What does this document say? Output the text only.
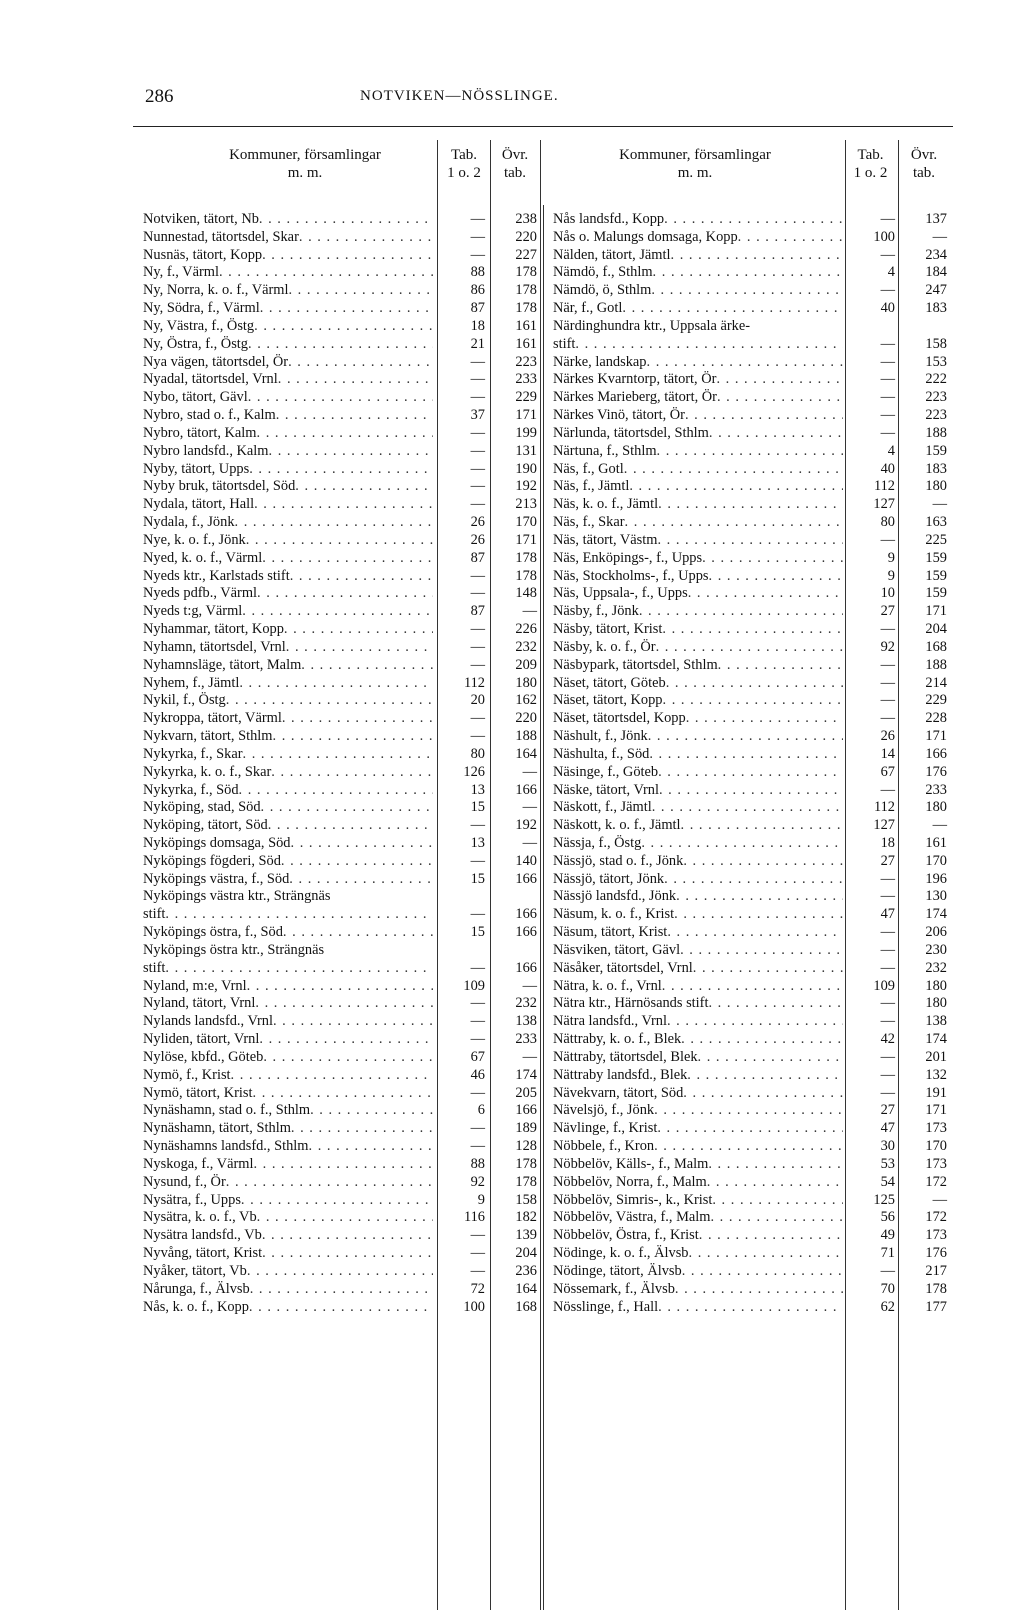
286	NOTVIKEN—NÖSSLINGE.
Kommuner, församlingar
m. m.
Tab.
1 o. 2
Övr.
tab.
Kommuner, församlingar
m. m.
Tab.
1 o. 2
Övr.
tab.
Notviken, tätort, Nb . . .	—	238
Nunnestad, tätortsdel, Skar . . .	—	220
Nusnäs, tätort, Kopp . . .	—	227
Ny, f., Värml . . .	88	178
Ny, Norra, k. o. f., Värml . . .	86	178
Ny, Södra, f., Värml . . .	87	178
Ny, Västra, f., Östg . . .	18	161
Ny, Östra, f., Östg . . .	21	161
Nya vägen, tätortsdel, Ör . . .	—	223
Nyadal, tätortsdel, Vrnl . . .	—	233
Nybo, tätort, Gävl . . .	—	229
Nybro, stad o. f., Kalm . . .	37	171
Nybro, tätort, Kalm . . .	—	199
Nybro landsfd., Kalm . . .	—	131
Nyby, tätort, Upps . . .	—	190
Nyby bruk, tätortsdel, Söd . . .	—	192
Nydala, tätort, Hall . . .	—	213
Nydala, f., Jönk . . .	26	170
Nye, k. o. f., Jönk . . .	26	171
Nyed, k. o. f., Värml . . .	87	178
Nyeds ktr., Karlstads stift . . .	—	178
Nyeds pdfb., Värml . . .	—	148
Nyeds t:g, Värml . . .	87	—
Nyhammar, tätort, Kopp . . .	—	226
Nyhamn, tätortsdel, Vrnl . . .	—	232
Nyhamnsläge, tätort, Malm . . .	—	209
Nyhem, f., Jämtl . . .	112	180
Nykil, f., Östg . . .	20	162
Nykroppa, tätort, Värml . . .	—	220
Nykvarn, tätort, Sthlm . . .	—	188
Nykyrka, f., Skar . . .	80	164
Nykyrka, k. o. f., Skar . . .	126	—
Nykyrka, f., Söd . . .	13	166
Nyköping, stad, Söd . . .	15	—
Nyköping, tätort, Söd . . .	—	192
Nyköpings domsaga, Söd . . .	13	—
Nyköpings fögderi, Söd . . .	—	140
Nyköpings västra, f., Söd . . .	15	166
Nyköpings västra ktr., Strängnäs
stift . . .	—	166
Nyköpings östra, f., Söd . . .	15	166
Nyköpings östra ktr., Strängnäs
stift . . .	—	166
Nyland, m:e, Vrnl . . .	109	—
Nyland, tätort, Vrnl . . .	—	232
Nylands landsfd., Vrnl . . .	—	138
Nyliden, tätort, Vrnl . . .	—	233
Nylöse, kbfd., Göteb . . .	67	—
Nymö, f., Krist . . .	46	174
Nymö, tätort, Krist . . .	—	205
Nynäshamn, stad o. f., Sthlm . . .	6	166
Nynäshamn, tätort, Sthlm . . .	—	189
Nynäshamns landsfd., Sthlm . . .	—	128
Nyskoga, f., Värml . . .	88	178
Nysund, f., Ör . . .	92	178
Nysätra, f., Upps . . .	9	158
Nysätra, k. o. f., Vb . . .	116	182
Nysätra landsfd., Vb . . .	—	139
Nyvång, tätort, Krist . . .	—	204
Nyåker, tätort, Vb . . .	—	236
Nårunga, f., Älvsb . . .	72	164
Nås, k. o. f., Kopp . . .	100	168
Nås landsfd., Kopp . . .	—	137
Nås o. Malungs domsaga, Kopp . . .	100	—
Nälden, tätort, Jämtl . . .	—	234
Nämdö, f., Sthlm . . .	4	184
Nämdö, ö, Sthlm . . .	—	247
När, f., Gotl . . .	40	183
Närdinghundra ktr., Uppsala ärke-
stift . . .	—	158
Närke, landskap . . .	—	153
Närkes Kvarntorp, tätort, Ör . . .	—	222
Närkes Marieberg, tätort, Ör . . .	—	223
Närkes Vinö, tätort, Ör . . .	—	223
Närlunda, tätortsdel, Sthlm . . .	—	188
Närtuna, f., Sthlm . . .	4	159
Näs, f., Gotl . . .	40	183
Näs, f., Jämtl . . .	112	180
Näs, k. o. f., Jämtl . . .	127	—
Näs, f., Skar . . .	80	163
Näs, tätort, Västm . . .	—	225
Näs, Enköpings-, f., Upps . . .	9	159
Näs, Stockholms-, f., Upps . . .	9	159
Näs, Uppsala-, f., Upps . . .	10	159
Näsby, f., Jönk . . .	27	171
Näsby, tätort, Krist . . .	—	204
Näsby, k. o. f., Ör . . .	92	168
Näsbypark, tätortsdel, Sthlm . . .	—	188
Näset, tätort, Göteb . . .	—	214
Näset, tätort, Kopp . . .	—	229
Näset, tätortsdel, Kopp . . .	—	228
Näshult, f., Jönk . . .	26	171
Näshulta, f., Söd . . .	14	166
Näsinge, f., Göteb . . .	67	176
Näske, tätort, Vrnl . . .	—	233
Näskott, f., Jämtl . . .	112	180
Näskott, k. o. f., Jämtl . . .	127	—
Nässja, f., Östg . . .	18	161
Nässjö, stad o. f., Jönk . . .	27	170
Nässjö, tätort, Jönk . . .	—	196
Nässjö landsfd., Jönk . . .	—	130
Näsum, k. o. f., Krist . . .	47	174
Näsum, tätort, Krist . . .	—	206
Näsviken, tätort, Gävl . . .	—	230
Näsåker, tätortsdel, Vrnl . . .	—	232
Nätra, k. o. f., Vrnl . . .	109	180
Nätra ktr., Härnösands stift . . .	—	180
Nätra landsfd., Vrnl . . .	—	138
Nättraby, k. o. f., Blek . . .	42	174
Nättraby, tätortsdel, Blek . . .	—	201
Nättraby landsfd., Blek . . .	—	132
Nävekvarn, tätort, Söd . . .	—	191
Nävelsjö, f., Jönk . . .	27	171
Nävlinge, f., Krist . . .	47	173
Nöbbele, f., Kron . . .	30	170
Nöbbelöv, Källs-, f., Malm . . .	53	173
Nöbbelöv, Norra, f., Malm . . .	54	172
Nöbbelöv, Simris-, k., Krist . . .	125	—
Nöbbelöv, Västra, f., Malm . . .	56	172
Nöbbelöv, Östra, f., Krist . . .	49	173
Nödinge, k. o. f., Älvsb . . .	71	176
Nödinge, tätort, Älvsb . . .	—	217
Nössemark, f., Älvsb . . .	70	178
Nösslinge, f., Hall . . .	62	177
